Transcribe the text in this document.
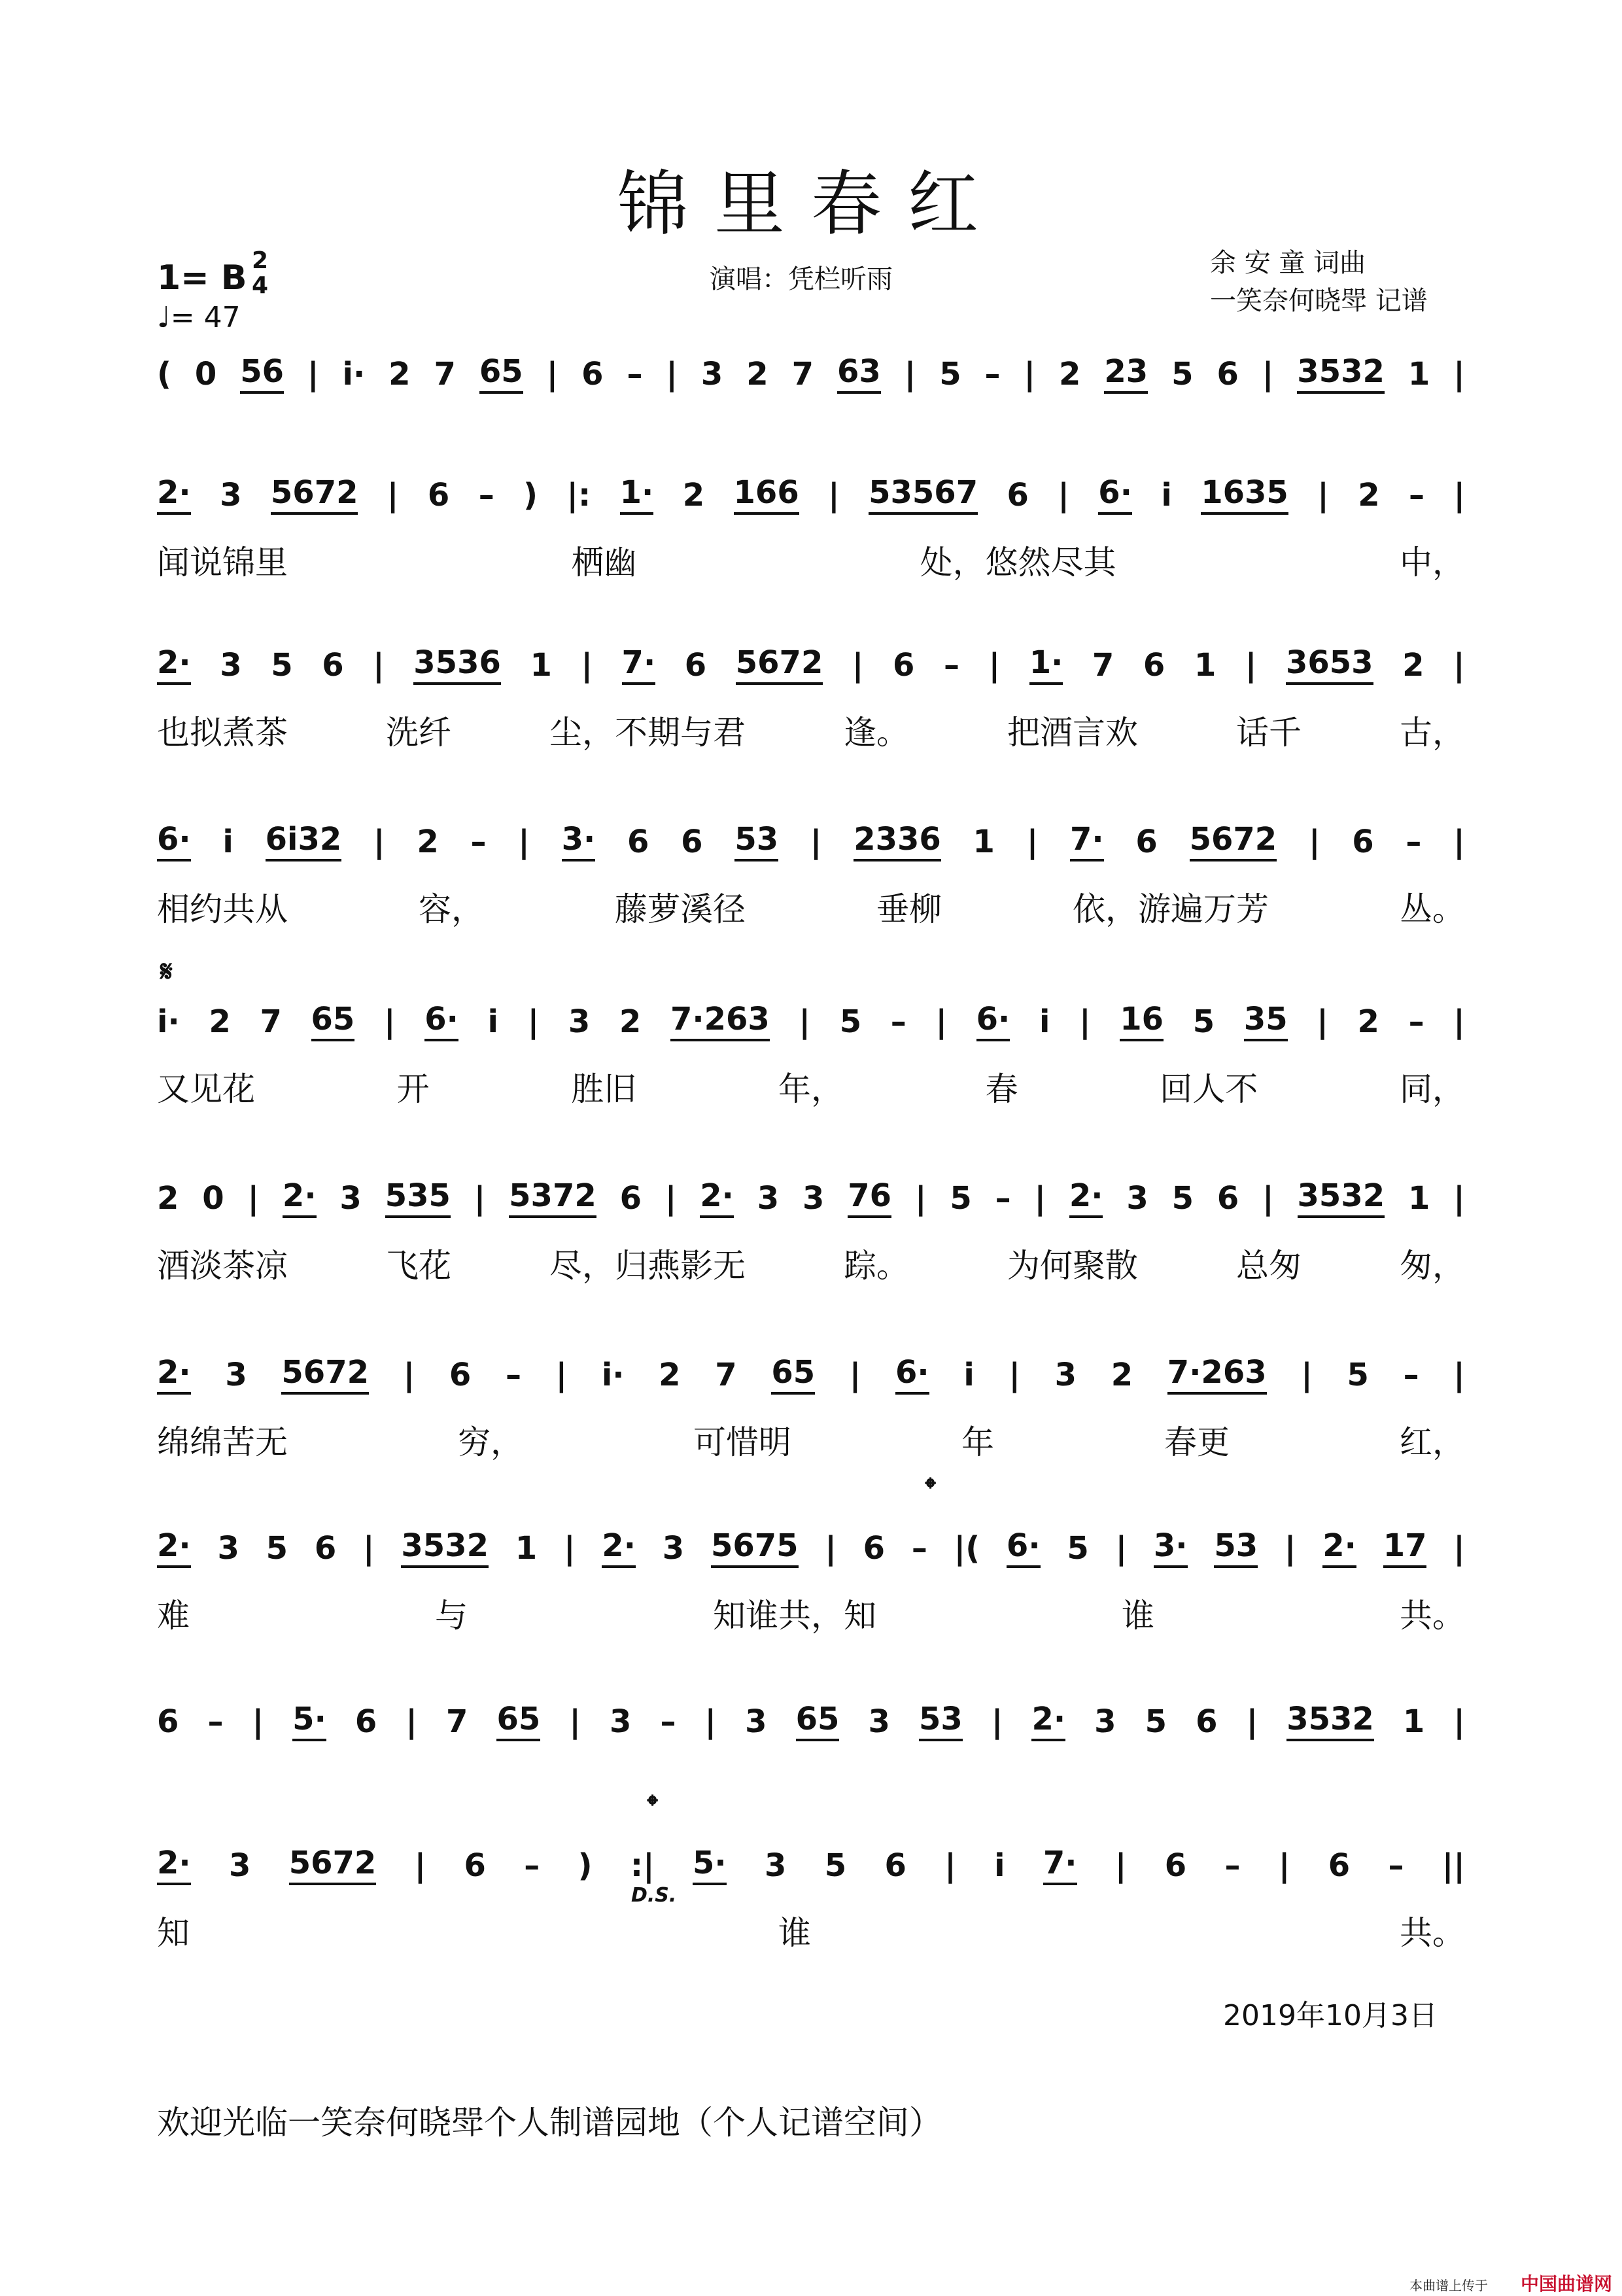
锦里春红
1= B 2
4
♩= 47
演唱：凭栏听雨
余 安 童 词曲
一笑奈何晓斝 记谱
( 0 56 | i· 2 7 65 | 6 – | 3 2 7 63 | 5 – | 2 23 5 6 | 3532 1 |
2· 3 5672 | 6 – ) |: 1· 2 166 | 53567 6 | 6· i 1635 | 2 – |
闻说锦里	栖幽	处，悠然尽其	中，
2· 3 5 6 | 3536 1 | 7· 6 5672 | 6 – | 1· 7 6 1 | 3653 2 |
也拟煮茶	洗纤	尘，不期与君	逢。	把酒言欢	话千	古，
6· i 6i32 | 2 – | 3· 6 6 53 | 2336 1 | 7· 6 5672 | 6 – |
相约共从	容，	藤萝溪径	垂柳	依，游遍万芳	丛。
i· 2 7 65 | 6· i | 3 2 7·263 | 5 – | 6· i | 16 5 35 | 2 – |
又见花	开	胜旧	年，	春	回人不	同，
2 0 | 2· 3 535 | 5372 6 | 2· 3 3 76 | 5 – | 2· 3 5 6 | 3532 1 |
酒淡茶凉	飞花	尽，归燕影无	踪。	为何聚散	总匆	匆，
2· 3 5672 | 6 – | i· 2 7 65 | 6· i | 3 2 7·263 | 5 – |
绵绵苦无	穷，	可惜明	年	春更	红，
2· 3 5 6 | 3532 1 | 2· 3 5675 | 6 – |( 6· 5 | 3· 53 | 2· 17 |
难	与	知谁共，知	谁	共。
6 – | 5· 6 | 7 65 | 3 – | 3 65 3 53 | 2· 3 5 6 | 3532 1 |
2· 3 5672 | 6 – ) :| 5· 3 5 6 | i 7· | 6 – | 6 – ||
知	谁	共。
𝄋
𝄌
𝄌
D.S.
2019年10月3日
欢迎光临一笑奈何晓斝个人制谱园地（个人记谱空间）
本曲谱上传于 中国曲谱网
